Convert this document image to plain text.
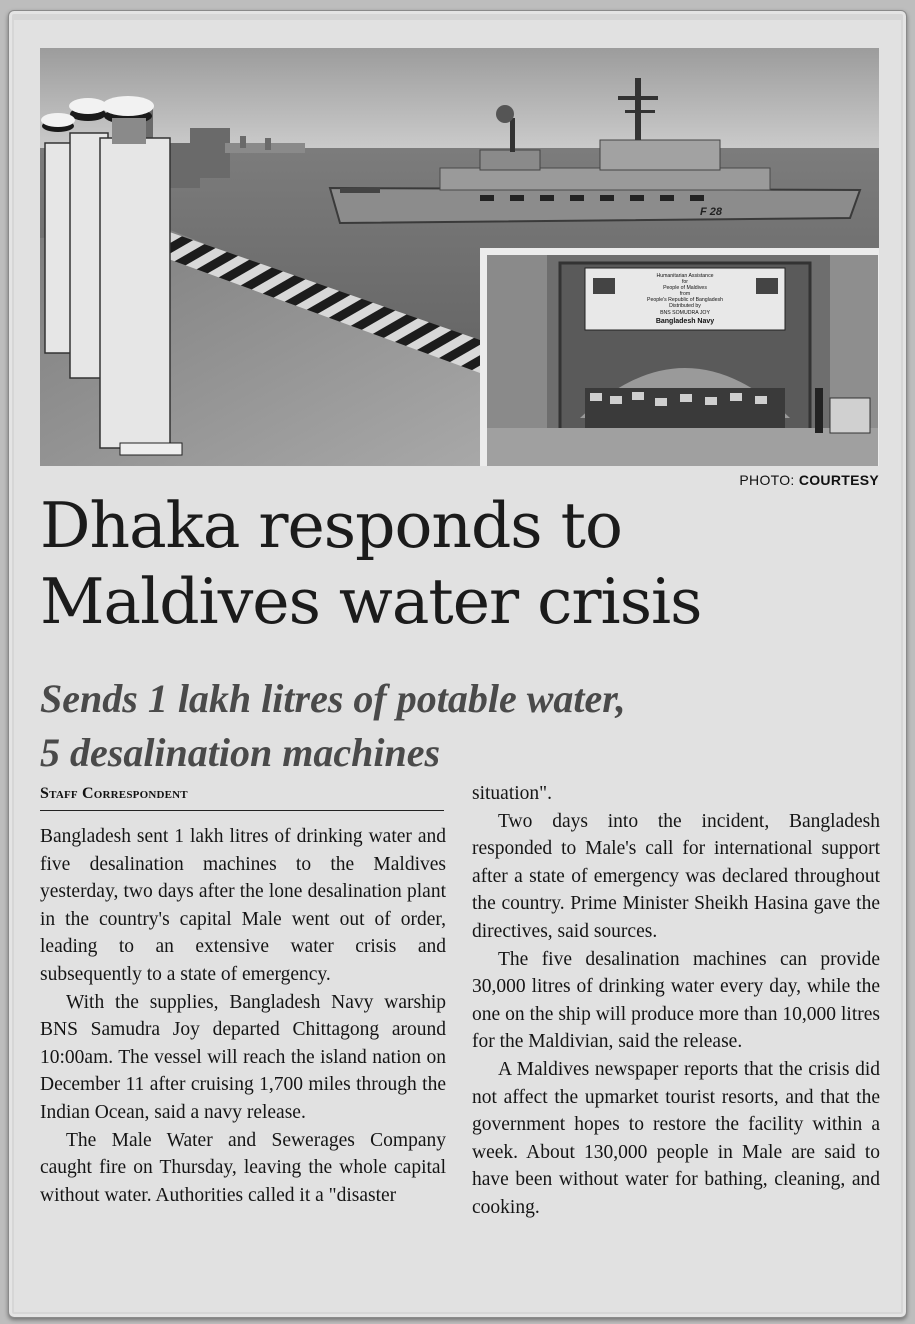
F 28
Humanitarian Assistance
for
People of Maldives
from
People's Republic of Bangladesh
Distributed by
BNS SOMUDRA JOY
Bangladesh Navy
PHOTO: COURTESY
Dhaka responds to
Maldives water crisis
Sends 1 lakh litres of potable water,
5 desalination machines
Staff Correspondent

Bangladesh sent 1 lakh litres of drinking water and five desalination machines to the Maldives yesterday, two days after the lone desalination plant in the country's capital Male went out of order, leading to an extensive water crisis and subsequently to a state of emergency.

With the supplies, Bangladesh Navy warship BNS Samudra Joy departed Chittagong around 10:00am. The vessel will reach the island nation on December 11 after cruising 1,700 miles through the Indian Ocean, said a navy release.

The Male Water and Sewerages Company caught fire on Thursday, leaving the whole capital without water. Authorities called it a "disaster

situation".

Two days into the incident, Bangladesh responded to Male's call for international support after a state of emergency was declared throughout the country. Prime Minister Sheikh Hasina gave the directives, said sources.

The five desalination machines can provide 30,000 litres of drinking water every day, while the one on the ship will produce more than 10,000 litres for the Maldivian, said the release.

A Maldives newspaper reports that the crisis did not affect the upmarket tourist resorts, and that the government hopes to restore the facility within a week. About 130,000 people in Male are said to have been without water for bathing, cleaning, and cooking.
